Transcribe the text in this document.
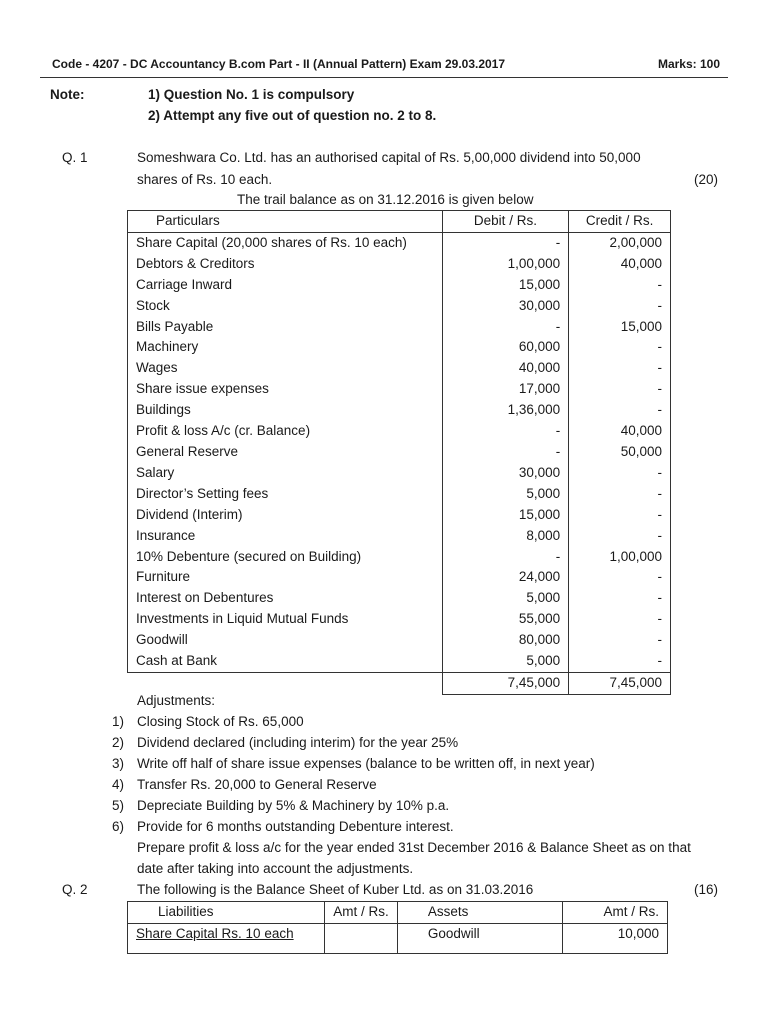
Code - 4207 - DC Accountancy B.com Part - II (Annual Pattern) Exam 29.03.2017	Marks: 100
Note:	1) Question No. 1 is compulsory
2) Attempt any five out of question no. 2 to 8.
Q. 1	Someshwara Co. Ltd. has an authorised capital of Rs. 5,00,000 dividend into 50,000
shares of Rs. 10 each.	(20)
The trail balance as on 31.12.2016 is given below
Particulars	Debit / Rs.	Credit / Rs.
Share Capital (20,000 shares of Rs. 10 each)	-	2,00,000
Debtors & Creditors	1,00,000	40,000
Carriage Inward	15,000	-
Stock	30,000	-
Bills Payable	-	15,000
Machinery	60,000	-
Wages	40,000	-
Share issue expenses	17,000	-
Buildings	1,36,000	-
Profit & loss A/c (cr. Balance)	-	40,000
General Reserve	-	50,000
Salary	30,000	-
Director’s Setting fees	5,000	-
Dividend (Interim)	15,000	-
Insurance	8,000	-
10% Debenture (secured on Building)	-	1,00,000
Furniture	24,000	-
Interest on Debentures	5,000	-
Investments in Liquid Mutual Funds	55,000	-
Goodwill	80,000	-
Cash at Bank	5,000	-
	7,45,000	7,45,000
Adjustments:
1) Closing Stock of Rs. 65,000
2) Dividend declared (including interim) for the year 25%
3) Write off half of share issue expenses (balance to be written off, in next year)
4) Transfer Rs. 20,000 to General Reserve
5) Depreciate Building by 5% & Machinery by 10% p.a.
6) Provide for 6 months outstanding Debenture interest.
Prepare profit & loss a/c for the year ended 31st December 2016 & Balance Sheet as on that
date after taking into account the adjustments.
Q. 2	The following is the Balance Sheet of Kuber Ltd. as on 31.03.2016	(16)
Liabilities	Amt / Rs.	Assets	Amt / Rs.
Share Capital Rs. 10 each		Goodwill	10,000
